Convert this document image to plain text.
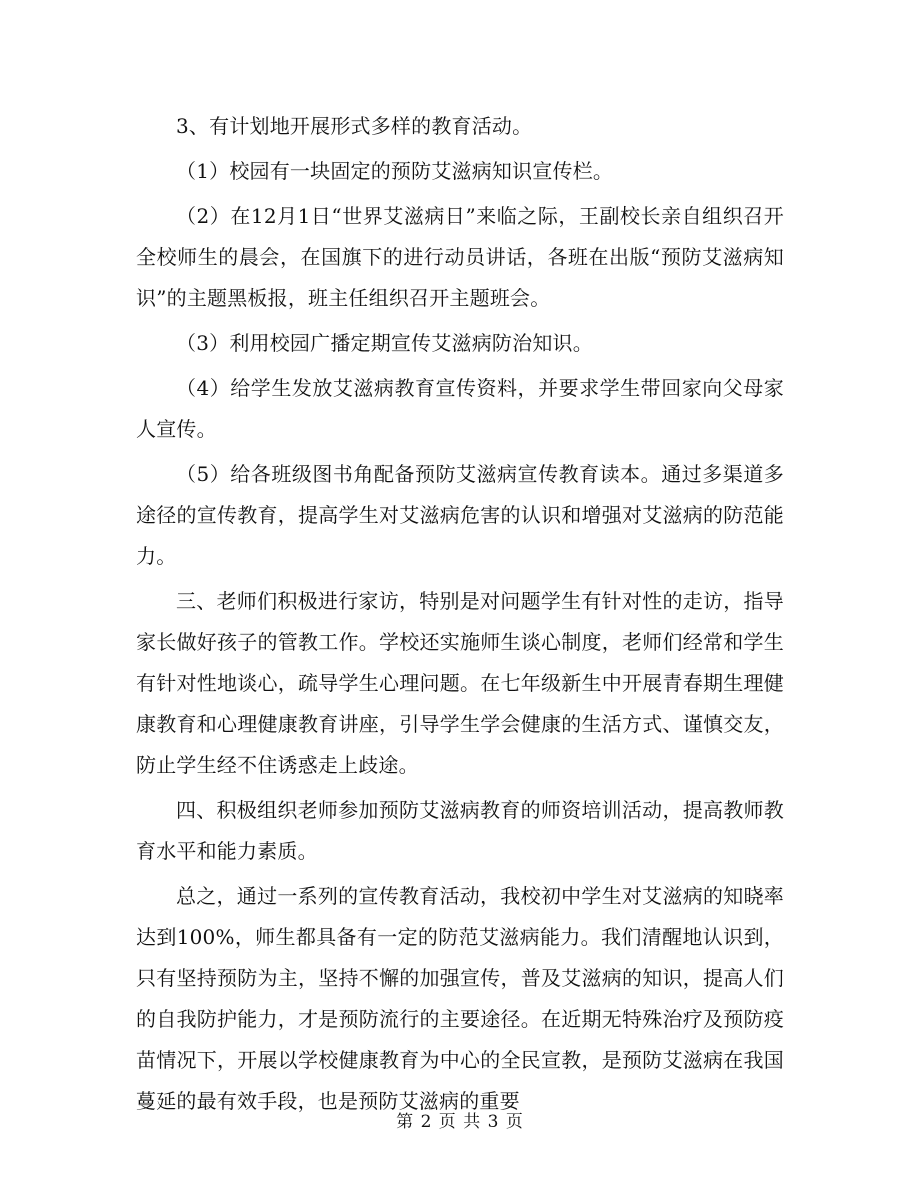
3、有计划地开展形式多样的教育活动。

（1）校园有一块固定的预防艾滋病知识宣传栏。

（2）在12月1日“世界艾滋病日”来临之际，王副校长亲自组织召开全校师生的晨会，在国旗下的进行动员讲话，各班在出版“预防艾滋病知识”的主题黑板报，班主任组织召开主题班会。

（3）利用校园广播定期宣传艾滋病防治知识。

（4）给学生发放艾滋病教育宣传资料，并要求学生带回家向父母家人宣传。

（5）给各班级图书角配备预防艾滋病宣传教育读本。通过多渠道多途径的宣传教育，提高学生对艾滋病危害的认识和增强对艾滋病的防范能力。

三、老师们积极进行家访，特别是对问题学生有针对性的走访，指导家长做好孩子的管教工作。学校还实施师生谈心制度，老师们经常和学生有针对性地谈心，疏导学生心理问题。在七年级新生中开展青春期生理健康教育和心理健康教育讲座，引导学生学会健康的生活方式、谨慎交友，防止学生经不住诱惑走上歧途。

四、积极组织老师参加预防艾滋病教育的师资培训活动，提高教师教育水平和能力素质。

总之，通过一系列的宣传教育活动，我校初中学生对艾滋病的知晓率达到100%，师生都具备有一定的防范艾滋病能力。我们清醒地认识到，只有坚持预防为主，坚持不懈的加强宣传，普及艾滋病的知识，提高人们的自我防护能力，才是预防流行的主要途径。在近期无特殊治疗及预防疫苗情况下，开展以学校健康教育为中心的全民宣教，是预防艾滋病在我国蔓延的最有效手段，也是预防艾滋病的重要

第 2 页 共 3 页
